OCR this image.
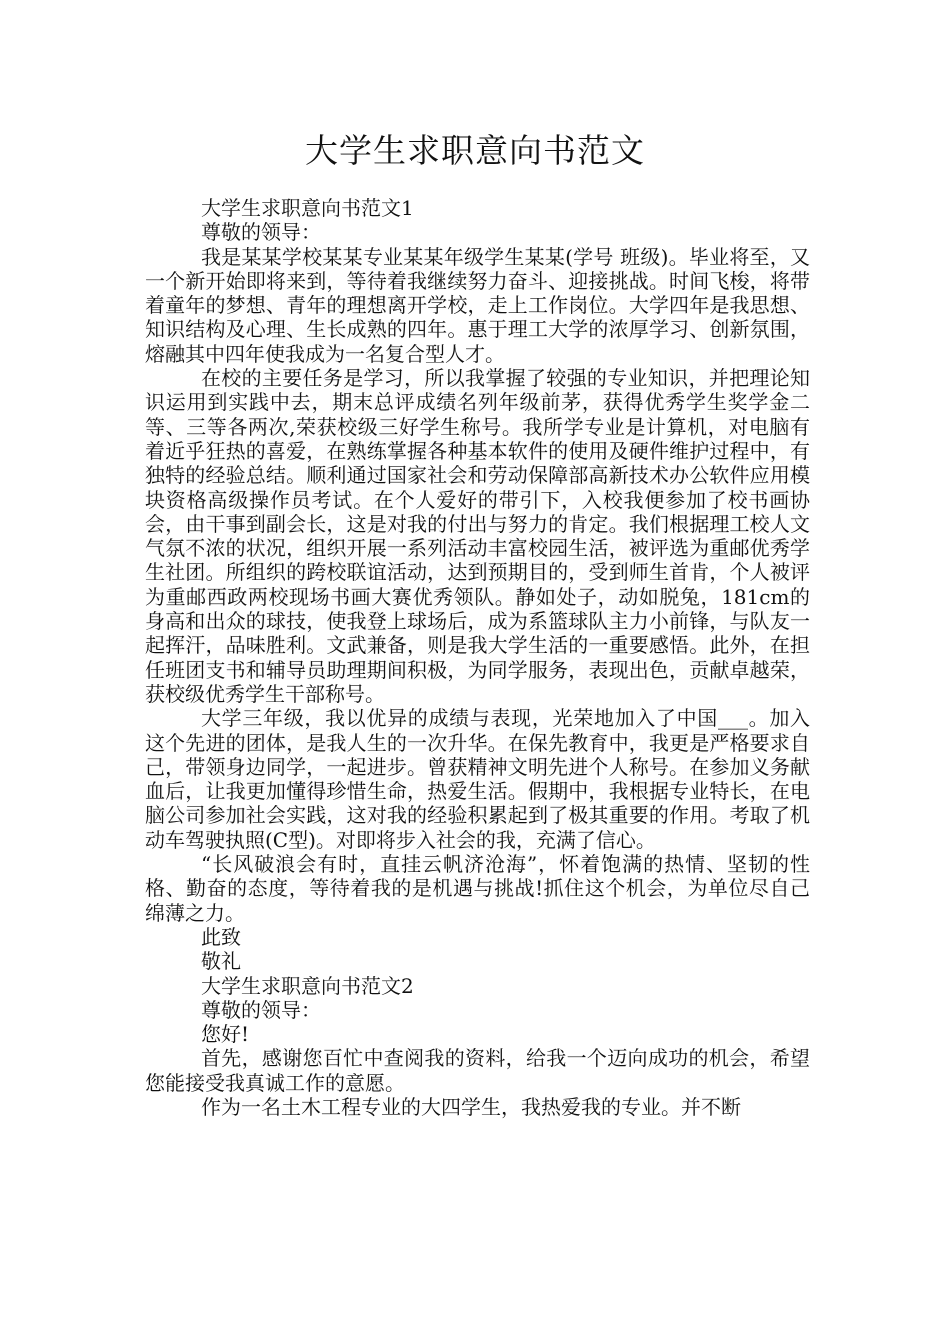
大学生求职意向书范文

大学生求职意向书范文1

尊敬的领导：

我是某某学校某某专业某某年级学生某某(学号 班级)。毕业将至，又一个新开始即将来到，等待着我继续努力奋斗、迎接挑战。时间飞梭，将带着童年的梦想、青年的理想离开学校，走上工作岗位。大学四年是我思想、知识结构及心理、生长成熟的四年。惠于理工大学的浓厚学习、创新氛围，熔融其中四年使我成为一名复合型人才。

在校的主要任务是学习，所以我掌握了较强的专业知识，并把理论知识运用到实践中去，期末总评成绩名列年级前茅，获得优秀学生奖学金二等、三等各两次,荣获校级三好学生称号。我所学专业是计算机，对电脑有着近乎狂热的喜爱，在熟练掌握各种基本软件的使用及硬件维护过程中，有独特的经验总结。顺利通过国家社会和劳动保障部高新技术办公软件应用模块资格高级操作员考试。在个人爱好的带引下，入校我便参加了校书画协会，由干事到副会长，这是对我的付出与努力的肯定。我们根据理工校人文气氛不浓的状况，组织开展一系列活动丰富校园生活，被评选为重邮优秀学生社团。所组织的跨校联谊活动，达到预期目的，受到师生首肯，个人被评为重邮西政两校现场书画大赛优秀领队。静如处子，动如脱兔，181cm的身高和出众的球技，使我登上球场后，成为系篮球队主力小前锋，与队友一起挥汗，品味胜利。文武兼备，则是我大学生活的一重要感悟。此外，在担任班团支书和辅导员助理期间积极，为同学服务，表现出色，贡献卓越荣，获校级优秀学生干部称号。

大学三年级，我以优异的成绩与表现，光荣地加入了中国___。加入这个先进的团体，是我人生的一次升华。在保先教育中，我更是严格要求自己，带领身边同学，一起进步。曾获精神文明先进个人称号。在参加义务献血后，让我更加懂得珍惜生命，热爱生活。假期中，我根据专业特长，在电脑公司参加社会实践，这对我的经验积累起到了极其重要的作用。考取了机动车驾驶执照(C型)。对即将步入社会的我，充满了信心。

“长风破浪会有时，直挂云帆济沧海”，怀着饱满的热情、坚韧的性格、勤奋的态度，等待着我的是机遇与挑战!抓住这个机会，为单位尽自己绵薄之力。

此致

敬礼

大学生求职意向书范文2

尊敬的领导：

您好!

首先，感谢您百忙中查阅我的资料，给我一个迈向成功的机会，希望您能接受我真诚工作的意愿。

作为一名土木工程专业的大四学生，我热爱我的专业。并不断
